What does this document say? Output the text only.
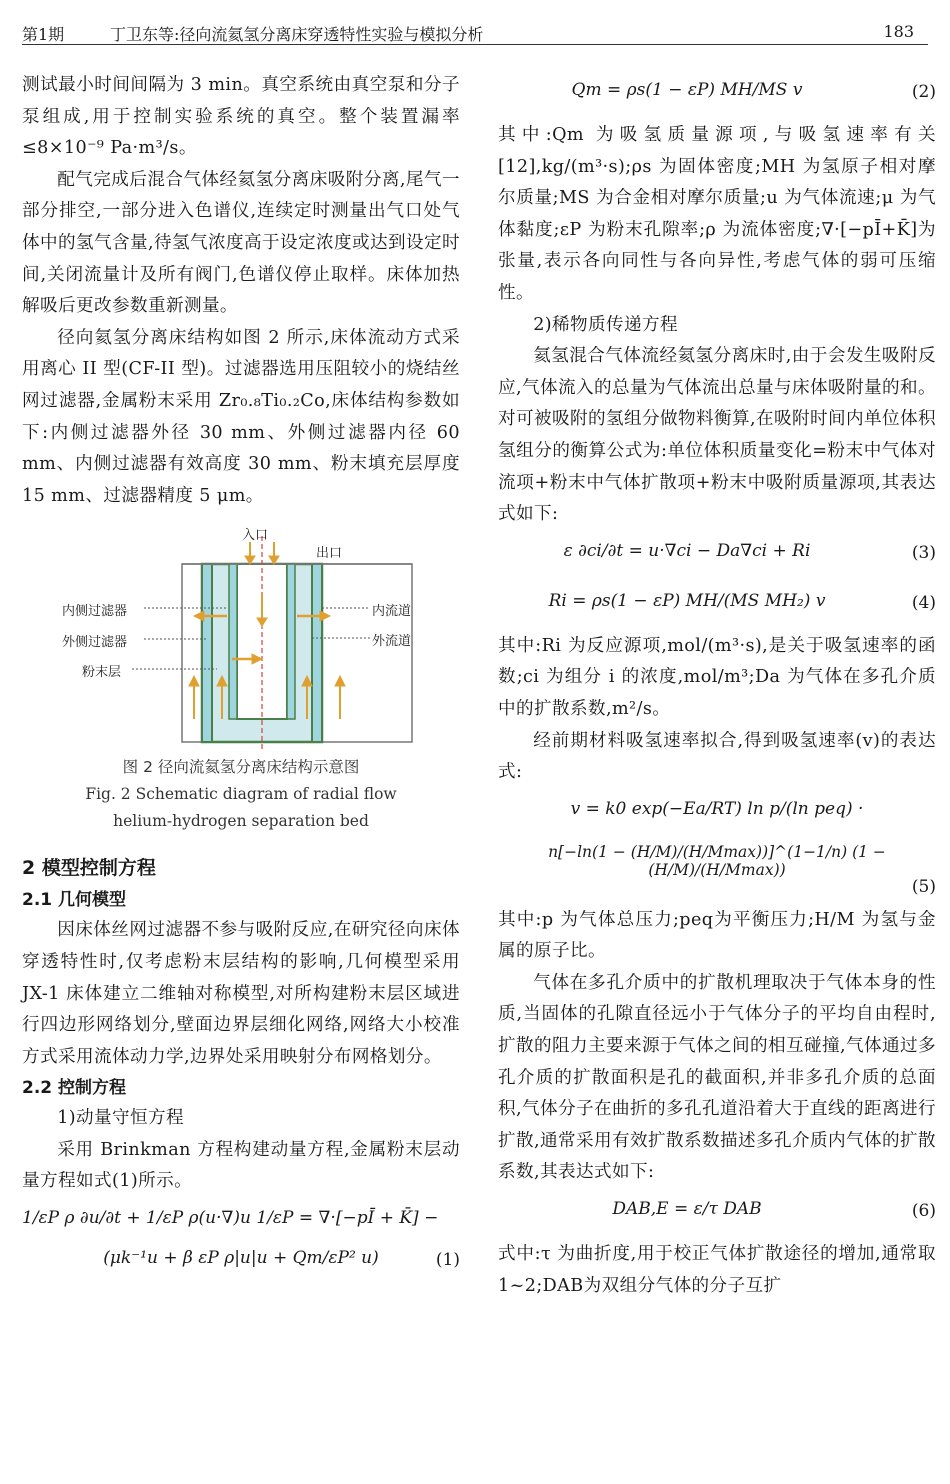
第1期	丁卫东等:径向流氦氢分离床穿透特性实验与模拟分析	183

测试最小时间间隔为 3 min。真空系统由真空泵和分子泵组成,用于控制实验系统的真空。整个装置漏率≤8×10⁻⁹ Pa·m³/s。

配气完成后混合气体经氦氢分离床吸附分离,尾气一部分排空,一部分进入色谱仪,连续定时测量出气口处气体中的氢气含量,待氢气浓度高于设定浓度或达到设定时间,关闭流量计及所有阀门,色谱仪停止取样。床体加热解吸后更改参数重新测量。

径向氦氢分离床结构如图 2 所示,床体流动方式采用离心 II 型(CF-II 型)。过滤器选用压阻较小的烧结丝网过滤器,金属粉末采用 Zr₀.₈Ti₀.₂Co,床体结构参数如下:内侧过滤器外径 30 mm、外侧过滤器内径 60 mm、内侧过滤器有效高度 30 mm、粉末填充层厚度 15 mm、过滤器精度 5 μm。

入口
出口
内侧过滤器
外侧过滤器
粉末层
内流道
外流道
图 2 径向流氦氢分离床结构示意图
Fig. 2 Schematic diagram of radial flow
helium-hydrogen separation bed
2 模型控制方程
2.1 几何模型

因床体丝网过滤器不参与吸附反应,在研究径向床体穿透特性时,仅考虑粉末层结构的影响,几何模型采用 JX-1 床体建立二维轴对称模型,对所构建粉末层区域进行四边形网络划分,壁面边界层细化网络,网络大小校准方式采用流体动力学,边界处采用映射分布网格划分。

2.2 控制方程

1)动量守恒方程

采用 Brinkman 方程构建动量方程,金属粉末层动量方程如式(1)所示。

1/εP ρ ∂u/∂t + 1/εP ρ(u·∇)u 1/εP = ∇·[−pĪ + K̄] −
(μk⁻¹u + β εP ρ|u|u + Qm/εP² u)	(1)
Qm = ρs(1 − εP) MH/MS v	(2)

其中:Qm 为吸氢质量源项,与吸氢速率有关[12],kg/(m³·s);ρs 为固体密度;MH 为氢原子相对摩尔质量;MS 为合金相对摩尔质量;u 为气体流速;μ 为气体黏度;εP 为粉末孔隙率;ρ 为流体密度;∇·[−pĪ+K̄]为张量,表示各向同性与各向异性,考虑气体的弱可压缩性。

2)稀物质传递方程

氦氢混合气体流经氦氢分离床时,由于会发生吸附反应,气体流入的总量为气体流出总量与床体吸附量的和。对可被吸附的氢组分做物料衡算,在吸附时间内单位体积氢组分的衡算公式为:单位体积质量变化=粉末中气体对流项+粉末中气体扩散项+粉末中吸附质量源项,其表达式如下:

ε ∂ci/∂t = u·∇ci − Da∇ci + Ri	(3)
Ri = ρs(1 − εP) MH/(MS MH₂) v	(4)

其中:Ri 为反应源项,mol/(m³·s),是关于吸氢速率的函数;ci 为组分 i 的浓度,mol/m³;Da 为气体在多孔介质中的扩散系数,m²/s。

经前期材料吸氢速率拟合,得到吸氢速率(v)的表达式:

v = k0 exp(−Ea/RT) ln p/(ln peq) ·
n[−ln(1 − (H/M)/(H/Mmax))]^(1−1/n) (1 − (H/M)/(H/Mmax))
(5)

其中:p 为气体总压力;peq为平衡压力;H/M 为氢与金属的原子比。

气体在多孔介质中的扩散机理取决于气体本身的性质,当固体的孔隙直径远小于气体分子的平均自由程时,扩散的阻力主要来源于气体之间的相互碰撞,气体通过多孔介质的扩散面积是孔的截面积,并非多孔介质的总面积,气体分子在曲折的多孔孔道沿着大于直线的距离进行扩散,通常采用有效扩散系数描述多孔介质内气体的扩散系数,其表达式如下:

DAB,E = ε/τ DAB	(6)

式中:τ 为曲折度,用于校正气体扩散途径的增加,通常取 1~2;DAB为双组分气体的分子互扩
